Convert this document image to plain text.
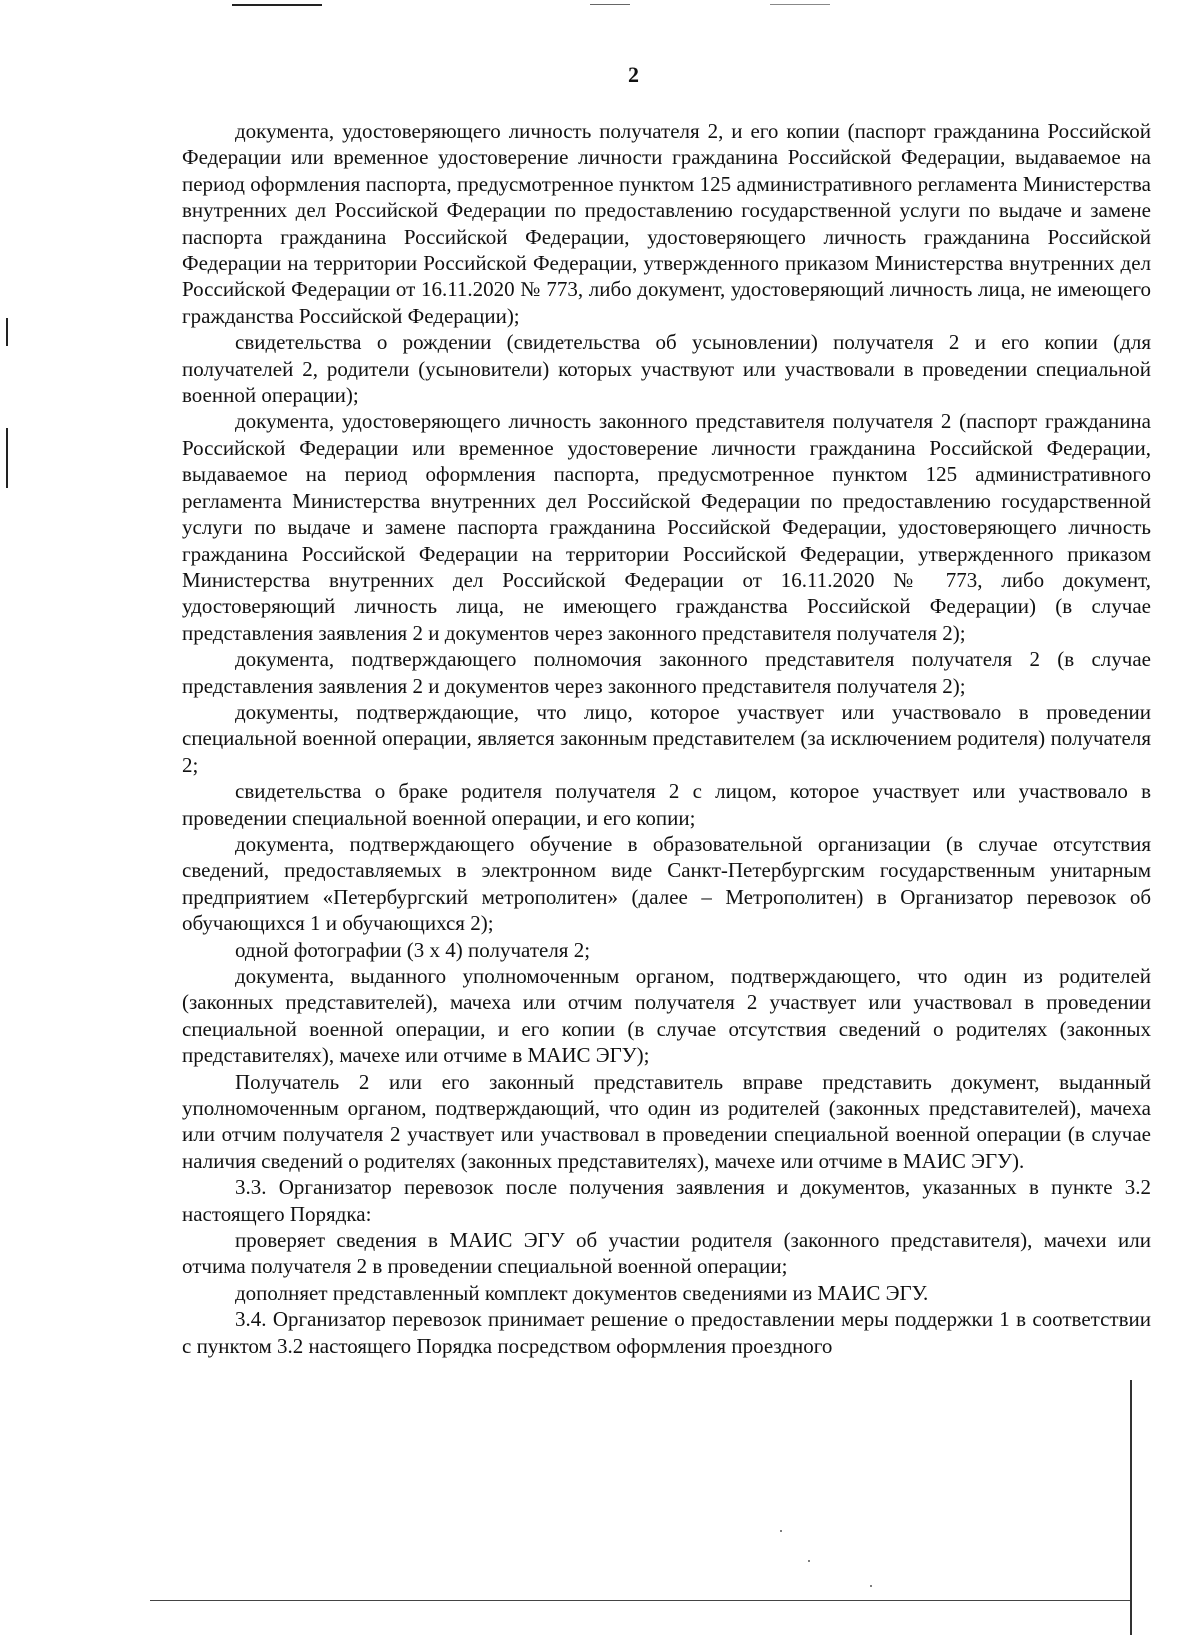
2

документа, удостоверяющего личность получателя 2, и его копии (паспорт гражданина Российской Федерации или временное удостоверение личности гражданина Российской Федерации, выдаваемое на период оформления паспорта, предусмотренное пунктом 125 административного регламента Министерства внутренних дел Российской Федерации по предоставлению государственной услуги по выдаче и замене паспорта гражданина Российской Федерации, удостоверяющего личность гражданина Российской Федерации на территории Российской Федерации, утвержденного приказом Министерства внутренних дел Российской Федерации от 16.11.2020 № 773, либо документ, удостоверяющий личность лица, не имеющего гражданства Российской Федерации);

свидетельства о рождении (свидетельства об усыновлении) получателя 2 и его копии (для получателей 2, родители (усыновители) которых участвуют или участвовали в проведении специальной военной операции);

документа, удостоверяющего личность законного представителя получателя 2 (паспорт гражданина Российской Федерации или временное удостоверение личности гражданина Российской Федерации, выдаваемое на период оформления паспорта, предусмотренное пунктом 125 административного регламента Министерства внутренних дел Российской Федерации по предоставлению государственной услуги по выдаче и замене паспорта гражданина Российской Федерации, удостоверяющего личность гражданина Российской Федерации на территории Российской Федерации, утвержденного приказом Министерства внутренних дел Российской Федерации от 16.11.2020 № 773, либо документ, удостоверяющий личность лица, не имеющего гражданства Российской Федерации) (в случае представления заявления 2 и документов через законного представителя получателя 2);

документа, подтверждающего полномочия законного представителя получателя 2 (в случае представления заявления 2 и документов через законного представителя получателя 2);

документы, подтверждающие, что лицо, которое участвует или участвовало в проведении специальной военной операции, является законным представителем (за исключением родителя) получателя 2;

свидетельства о браке родителя получателя 2 с лицом, которое участвует или участвовало в проведении специальной военной операции, и его копии;

документа, подтверждающего обучение в образовательной организации (в случае отсутствия сведений, предоставляемых в электронном виде Санкт-Петербургским государственным унитарным предприятием «Петербургский метрополитен» (далее – Метрополитен) в Организатор перевозок об обучающихся 1 и обучающихся 2);

одной фотографии (3 х 4) получателя 2;

документа, выданного уполномоченным органом, подтверждающего, что один из родителей (законных представителей), мачеха или отчим получателя 2 участвует или участвовал в проведении специальной военной операции, и его копии (в случае отсутствия сведений о родителях (законных представителях), мачехе или отчиме в МАИС ЭГУ);

Получатель 2 или его законный представитель вправе представить документ, выданный уполномоченным органом, подтверждающий, что один из родителей (законных представителей), мачеха или отчим получателя 2 участвует или участвовал в проведении специальной военной операции (в случае наличия сведений о родителях (законных представителях), мачехе или отчиме в МАИС ЭГУ).

3.3. Организатор перевозок после получения заявления и документов, указанных в пункте 3.2 настоящего Порядка:

проверяет сведения в МАИС ЭГУ об участии родителя (законного представителя), мачехи или отчима получателя 2 в проведении специальной военной операции;

дополняет представленный комплект документов сведениями из МАИС ЭГУ.

3.4. Организатор перевозок принимает решение о предоставлении меры поддержки 1 в соответствии с пунктом 3.2 настоящего Порядка посредством оформления проездного
